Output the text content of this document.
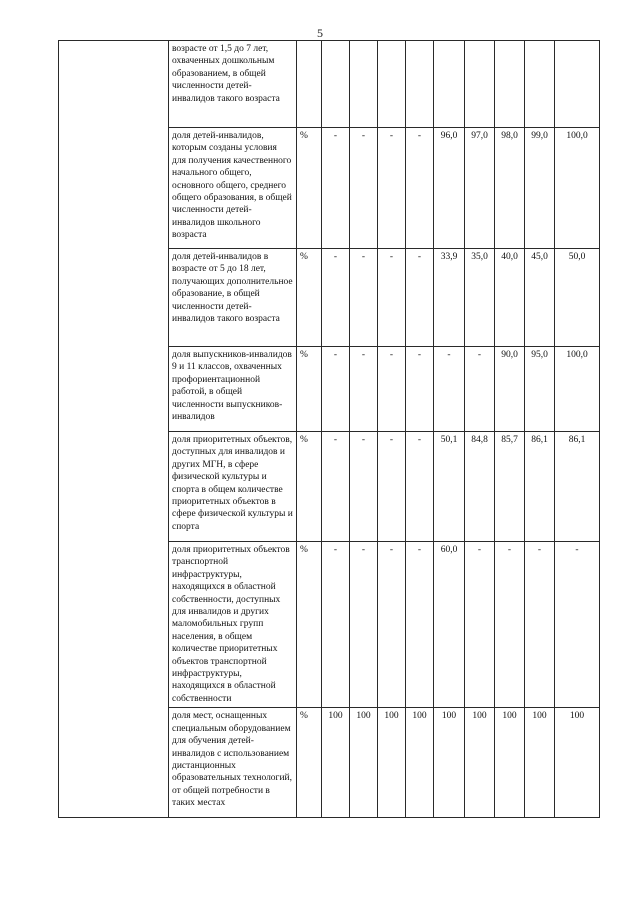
5
	возрасте от 1,5 до 7 лет, охваченных дошкольным образованием, в общей численности детей-инвалидов такого возраста										
	доля детей-инвалидов, которым созданы условия для получения качественного начального общего, основного общего, среднего общего образования, в общей численности детей-инвалидов школьного возраста	%	-	-	-	-	96,0	97,0	98,0	99,0	100,0
	доля детей-инвалидов в возрасте от 5 до 18 лет, получающих дополнительное образование, в общей численности детей-инвалидов такого возраста	%	-	-	-	-	33,9	35,0	40,0	45,0	50,0
	доля выпускников-инвалидов 9 и 11 классов, охваченных профориентационной работой, в общей численности выпускников-инвалидов	%	-	-	-	-	-	-	90,0	95,0	100,0
	доля приоритетных объектов, доступных для инвалидов и других МГН, в сфере физической культуры и спорта в общем количестве приоритетных объектов в сфере физической культуры и спорта	%	-	-	-	-	50,1	84,8	85,7	86,1	86,1
	доля приоритетных объектов транспортной инфраструктуры, находящихся в областной собственности, доступных для инвалидов и других маломобильных групп населения, в общем количестве приоритетных объектов транспортной инфраструктуры, находящихся в областной собственности	%	-	-	-	-	60,0	-	-	-	-
	доля мест, оснащенных специальным оборудованием для обучения детей-инвалидов с использованием дистанционных образовательных технологий, от общей потребности в таких местах	%	100	100	100	100	100	100	100	100	100
